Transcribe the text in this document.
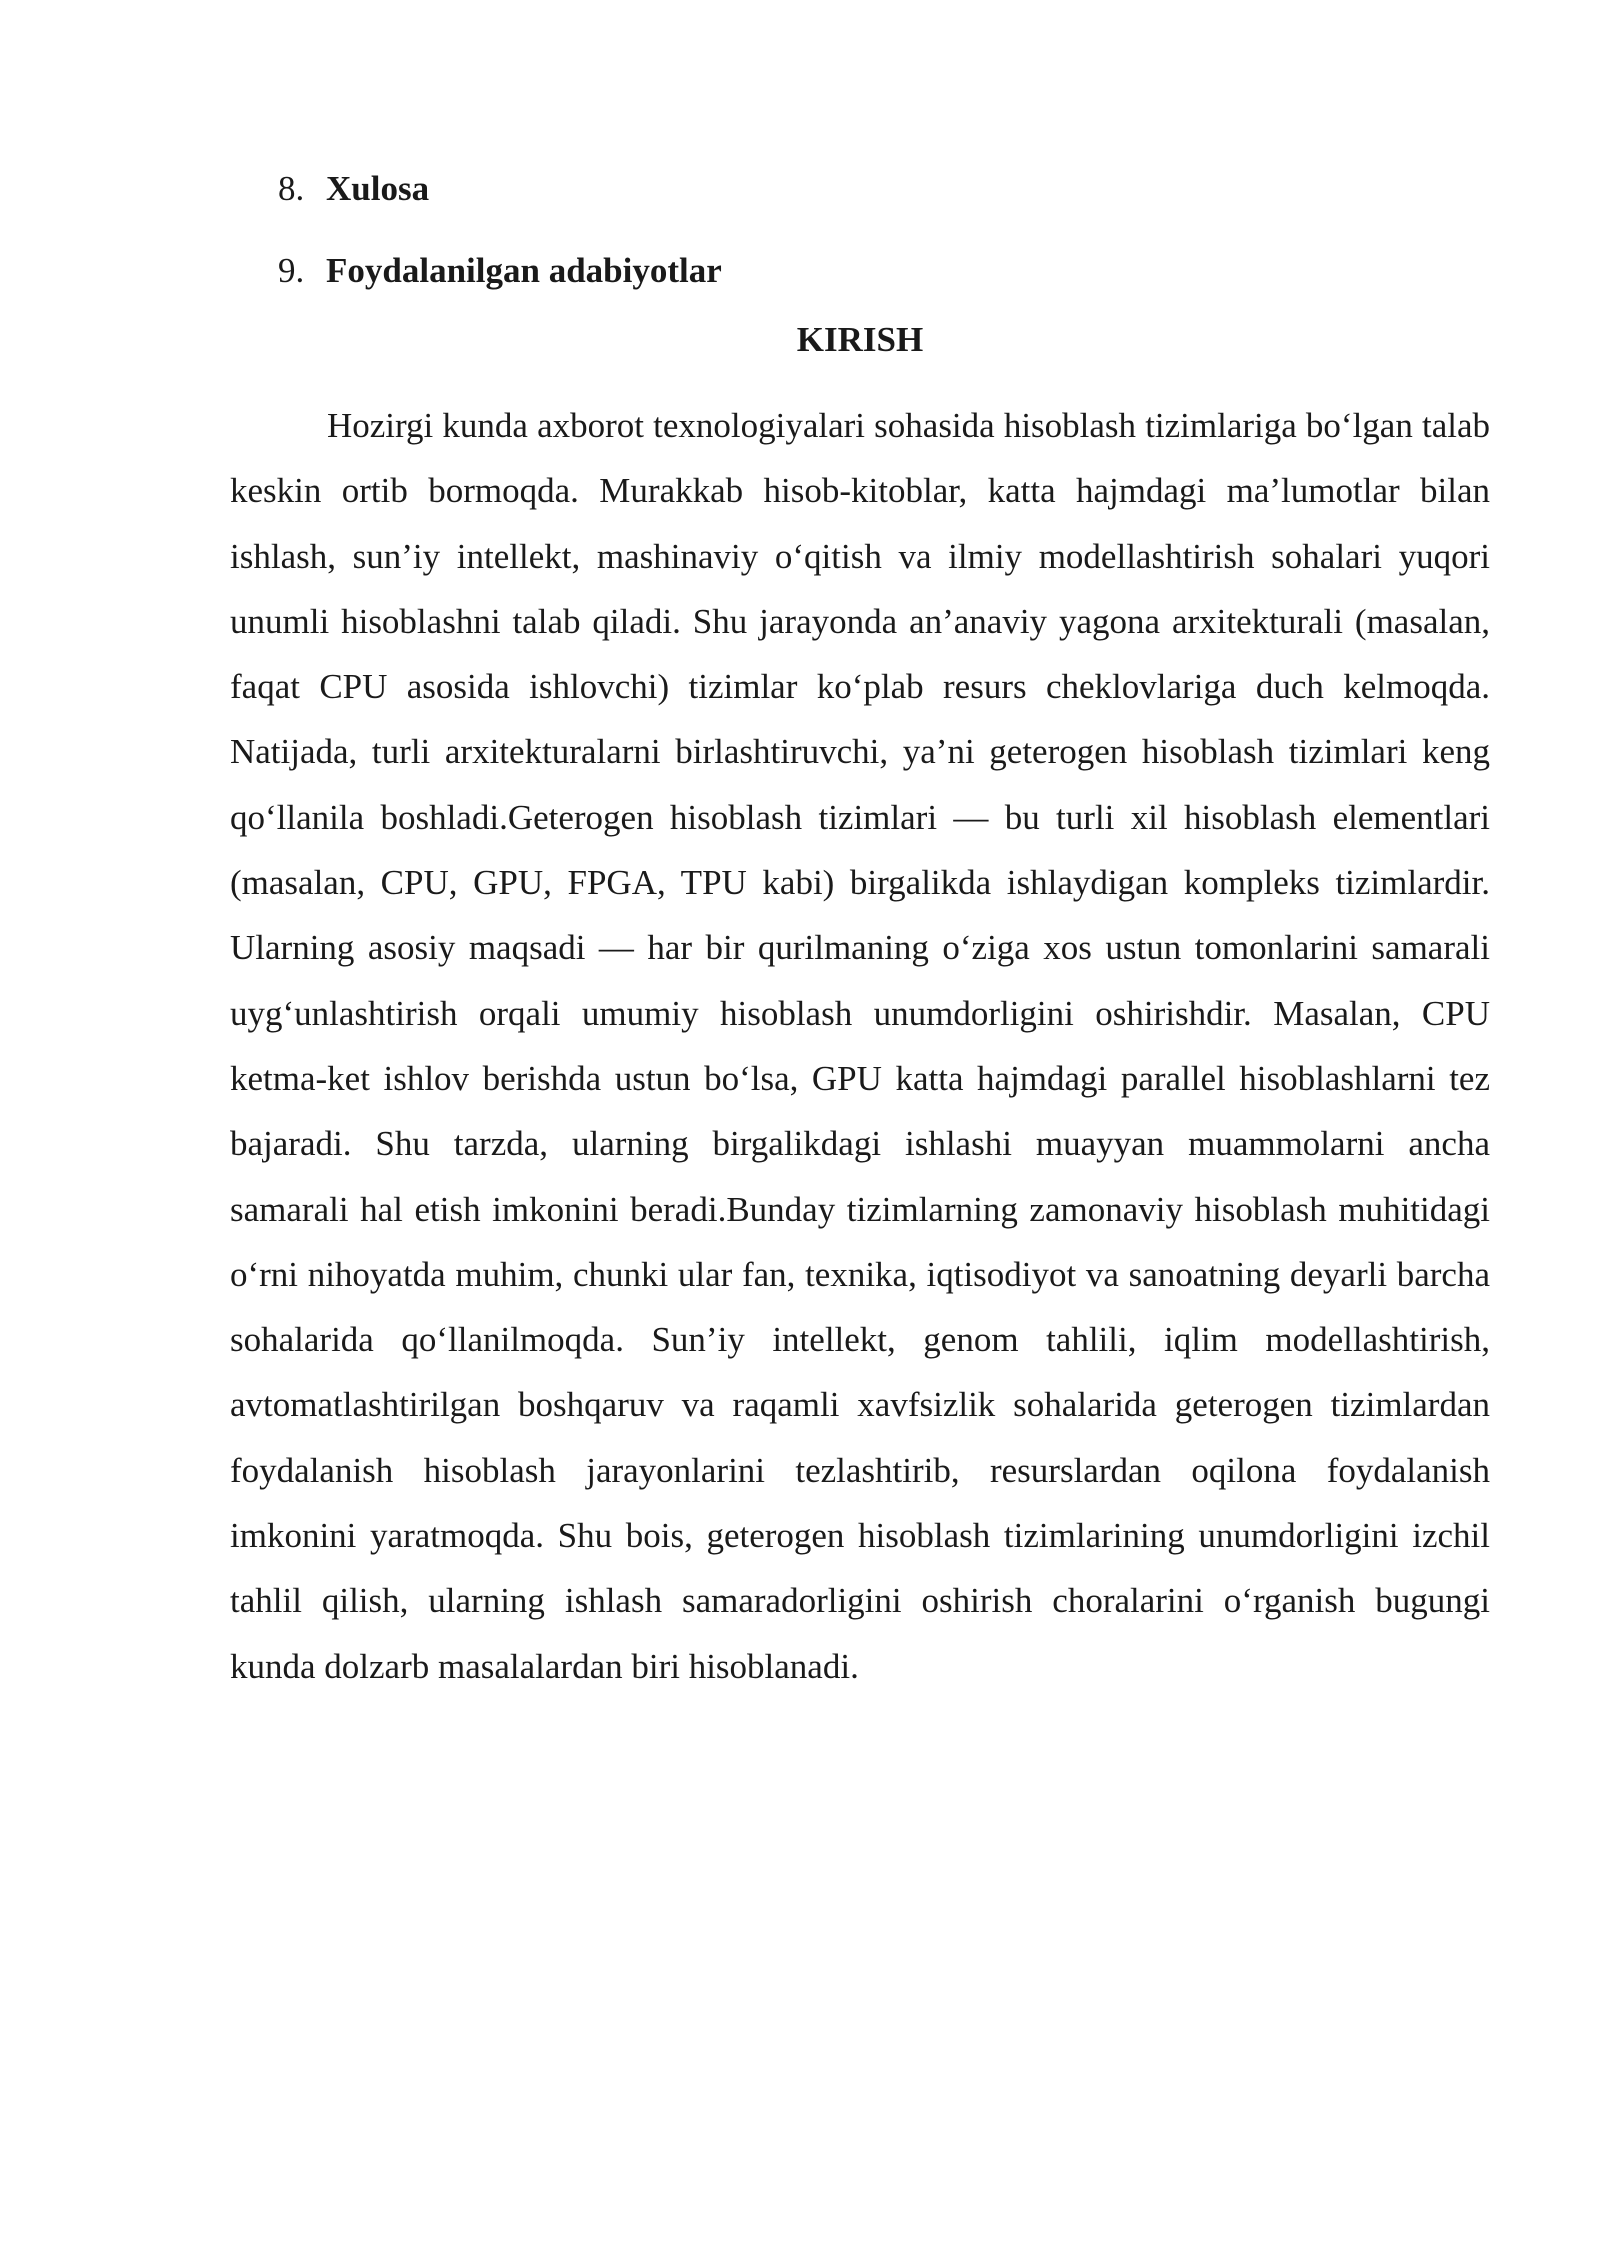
8. Xulosa
9. Foydalanilgan adabiyotlar
KIRISH

Hozirgi kunda axborot texnologiyalari sohasida hisoblash tizimlariga bo‘lgan talab keskin ortib bormoqda. Murakkab hisob-kitoblar, katta hajmdagi ma’lumotlar bilan ishlash, sun’iy intellekt, mashinaviy o‘qitish va ilmiy modellashtirish sohalari yuqori unumli hisoblashni talab qiladi. Shu jarayonda an’anaviy yagona arxitekturali (masalan, faqat CPU asosida ishlovchi) tizimlar ko‘plab resurs cheklovlariga duch kelmoqda. Natijada, turli arxitekturalarni birlashtiruvchi, ya’ni geterogen hisoblash tizimlari keng qo‘llanila boshladi.Geterogen hisoblash tizimlari — bu turli xil hisoblash elementlari (masalan, CPU, GPU, FPGA, TPU kabi) birgalikda ishlaydigan kompleks tizimlardir. Ularning asosiy maqsadi — har bir qurilmaning o‘ziga xos ustun tomonlarini samarali uyg‘unlashtirish orqali umumiy hisoblash unumdorligini oshirishdir. Masalan, CPU ketma-ket ishlov berishda ustun bo‘lsa, GPU katta hajmdagi parallel hisoblashlarni tez bajaradi. Shu tarzda, ularning birgalikdagi ishlashi muayyan muammolarni ancha samarali hal etish imkonini beradi.Bunday tizimlarning zamonaviy hisoblash muhitidagi o‘rni nihoyatda muhim, chunki ular fan, texnika, iqtisodiyot va sanoatning deyarli barcha sohalarida qo‘llanilmoqda. Sun’iy intellekt, genom tahlili, iqlim modellashtirish, avtomatlashtirilgan boshqaruv va raqamli xavfsizlik sohalarida geterogen tizimlardan foydalanish hisoblash jarayonlarini tezlashtirib, resurslardan oqilona foydalanish imkonini yaratmoqda. Shu bois, geterogen hisoblash tizimlarining unumdorligini izchil tahlil qilish, ularning ishlash samaradorligini oshirish choralarini o‘rganish bugungi kunda dolzarb masalalardan biri hisoblanadi.
